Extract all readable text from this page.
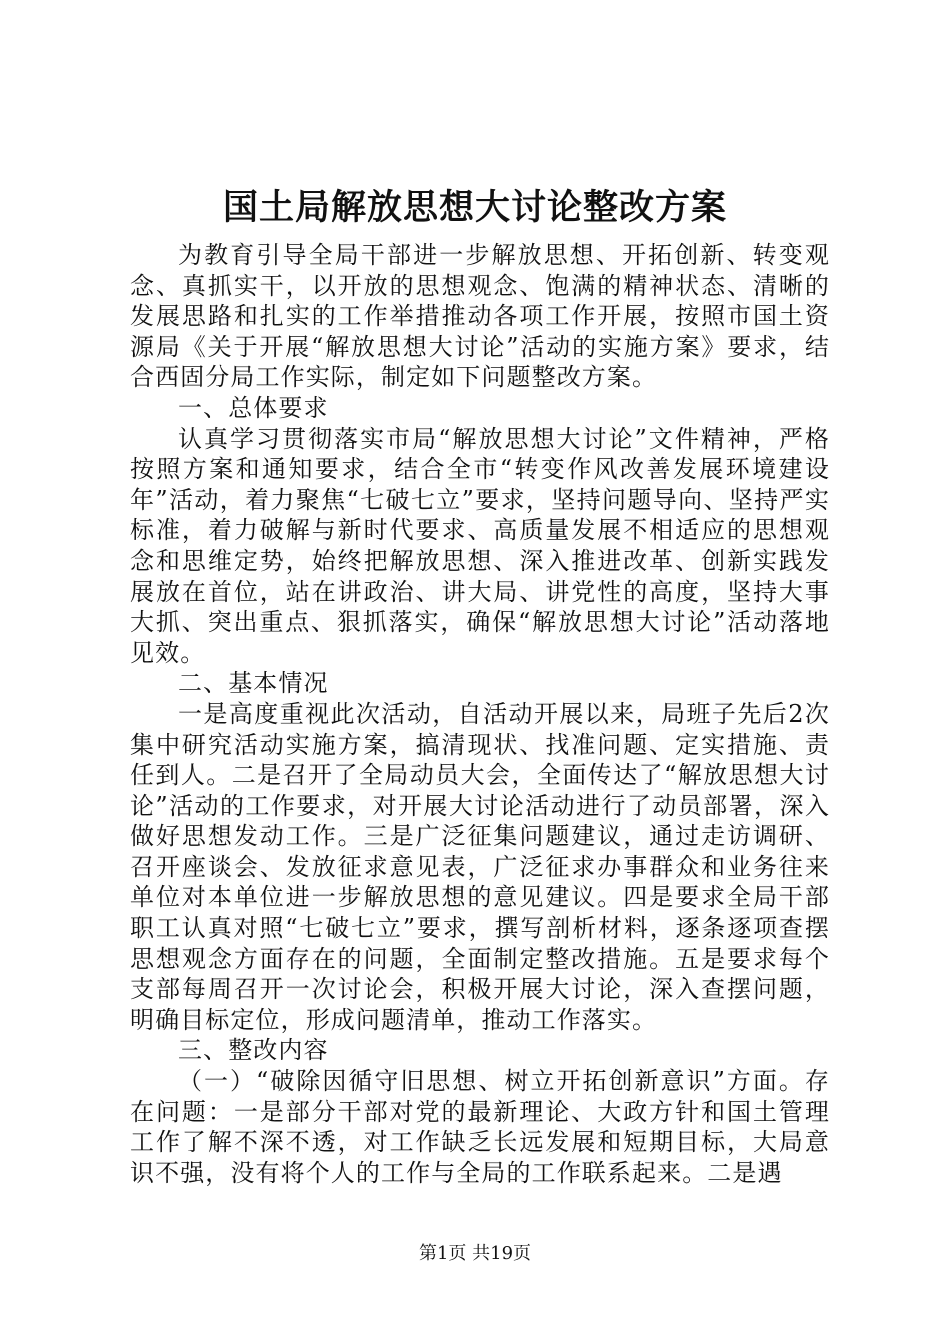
国土局解放思想大讨论整改方案

为教育引导全局干部进一步解放思想、开拓创新、转变观念、真抓实干，以开放的思想观念、饱满的精神状态、清晰的发展思路和扎实的工作举措推动各项工作开展，按照市国土资源局《关于开展“解放思想大讨论”活动的实施方案》要求，结合西固分局工作实际，制定如下问题整改方案。

一、总体要求

认真学习贯彻落实市局“解放思想大讨论”文件精神，严格按照方案和通知要求，结合全市“转变作风改善发展环境建设年”活动，着力聚焦“七破七立”要求，坚持问题导向、坚持严实标准，着力破解与新时代要求、高质量发展不相适应的思想观念和思维定势，始终把解放思想、深入推进改革、创新实践发展放在首位，站在讲政治、讲大局、讲党性的高度，坚持大事大抓、突出重点、狠抓落实，确保“解放思想大讨论”活动落地见效。

二、基本情况

一是高度重视此次活动，自活动开展以来，局班子先后2次集中研究活动实施方案，搞清现状、找准问题、定实措施、责任到人。二是召开了全局动员大会，全面传达了“解放思想大讨论”活动的工作要求，对开展大讨论活动进行了动员部署，深入做好思想发动工作。三是广泛征集问题建议，通过走访调研、召开座谈会、发放征求意见表，广泛征求办事群众和业务往来单位对本单位进一步解放思想的意见建议。四是要求全局干部职工认真对照“七破七立”要求，撰写剖析材料，逐条逐项查摆思想观念方面存在的问题，全面制定整改措施。五是要求每个支部每周召开一次讨论会，积极开展大讨论，深入查摆问题，明确目标定位，形成问题清单，推动工作落实。

三、整改内容

（一）“破除因循守旧思想、树立开拓创新意识”方面。存在问题：一是部分干部对党的最新理论、大政方针和国土管理工作了解不深不透，对工作缺乏长远发展和短期目标，大局意识不强，没有将个人的工作与全局的工作联系起来。二是遇

第1页 共19页
